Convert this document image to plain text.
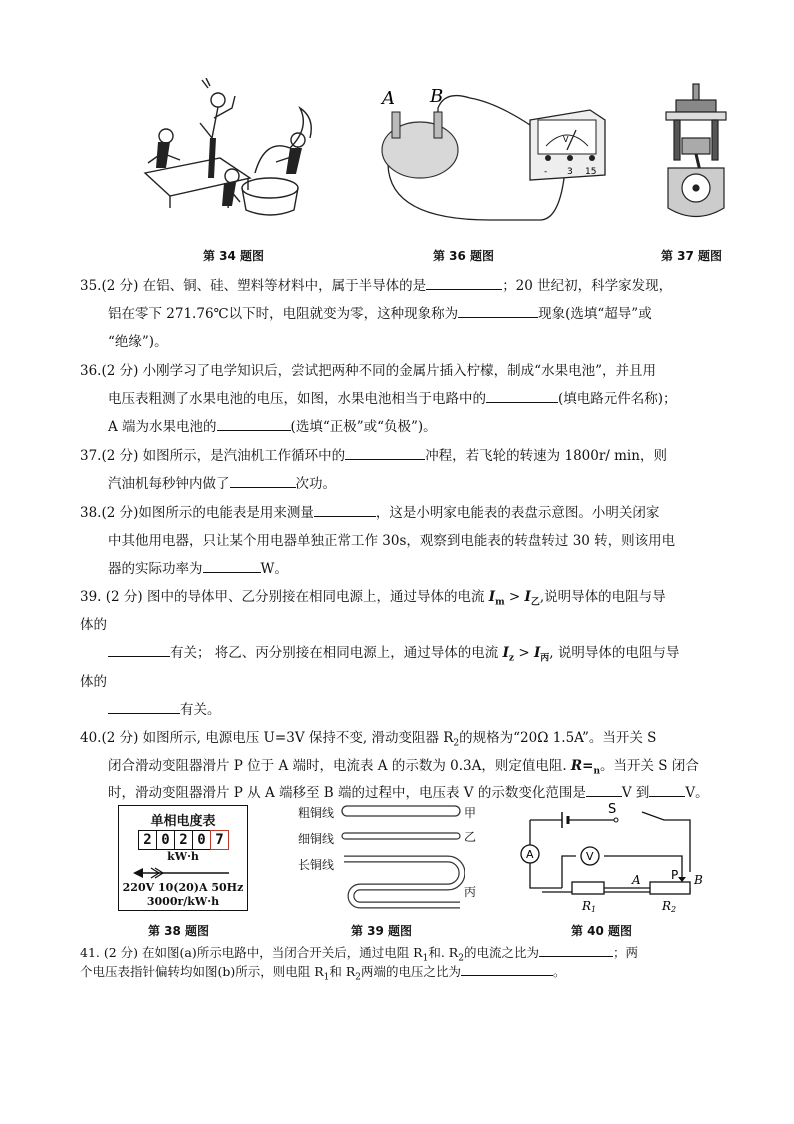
A B
V
- 3 15
第 34 题图	第 36 题图	第 37 题图
35.(2 分) 在铝、铜、硅、塑料等材料中，属于半导体的是	；20 世纪初，科学家发现，
铝在零下 271.76℃以下时，电阻就变为零，这种现象称为	现象(选填“超导”或
“绝缘”)。
36.(2 分) 小刚学习了电学知识后，尝试把两种不同的金属片插入柠檬，制成“水果电池”，并且用
电压表粗测了水果电池的电压，如图，水果电池相当于电路中的	(填电路元件名称)；
A 端为水果电池的	(选填“正极”或“负极”)。
37.(2 分) 如图所示，是汽油机工作循环中的	冲程，若飞轮的转速为 1800r/ min，则
汽油机每秒钟内做了	次功。
38.(2 分)如图所示的电能表是用来测量	，这是小明家电能表的表盘示意图。小明关闭家
中其他用电器，只让某个用电器单独正常工作 30s，观察到电能表的转盘转过 30 转，则该用电
器的实际功率为	W。
39. (2 分) 图中的导体甲、乙分别接在相同电源上，通过导体的电流 $I_m > I_乙$,说明导体的电阻与导
体的
有关； 将乙、丙分别接在相同电源上，通过导体的电流 $I_z > I_丙$, 说明导体的电阻与导
体的
有关。
40.(2 分) 如图所示, 电源电压 U=3V 保持不变, 滑动变阻器 $R_2$的规格为“20Ω 1.5A”。当开关 S
闭合滑动变阻器滑片 P 位于 A 端时，电流表 A 的示数为 0.3A，则定值电阻. $R=_n$。当开关 S 闭合
时，滑动变阻器滑片 P 从 A 端移至 B 端的过程中，电压表 V 的示数变化范围是	V 到	V。
单相电度表
2 0 2 0 7
kW·h
220V 10(20)A 50Hz
3000r/kW·h
粗铜线
细铜线
长铜线
甲
乙
丙
S
A	V
P
A	B
R1	R2
第 38 题图	第 39 题图	第 40 题图
41. (2 分) 在如图(a)所示电路中，当闭合开关后，通过电阻 $R_1$和. $R_2$的电流之比为	；两
个电压表指针偏转均如图(b)所示，则电阻 $R_1$和 $R_2$两端的电压之比为	。
